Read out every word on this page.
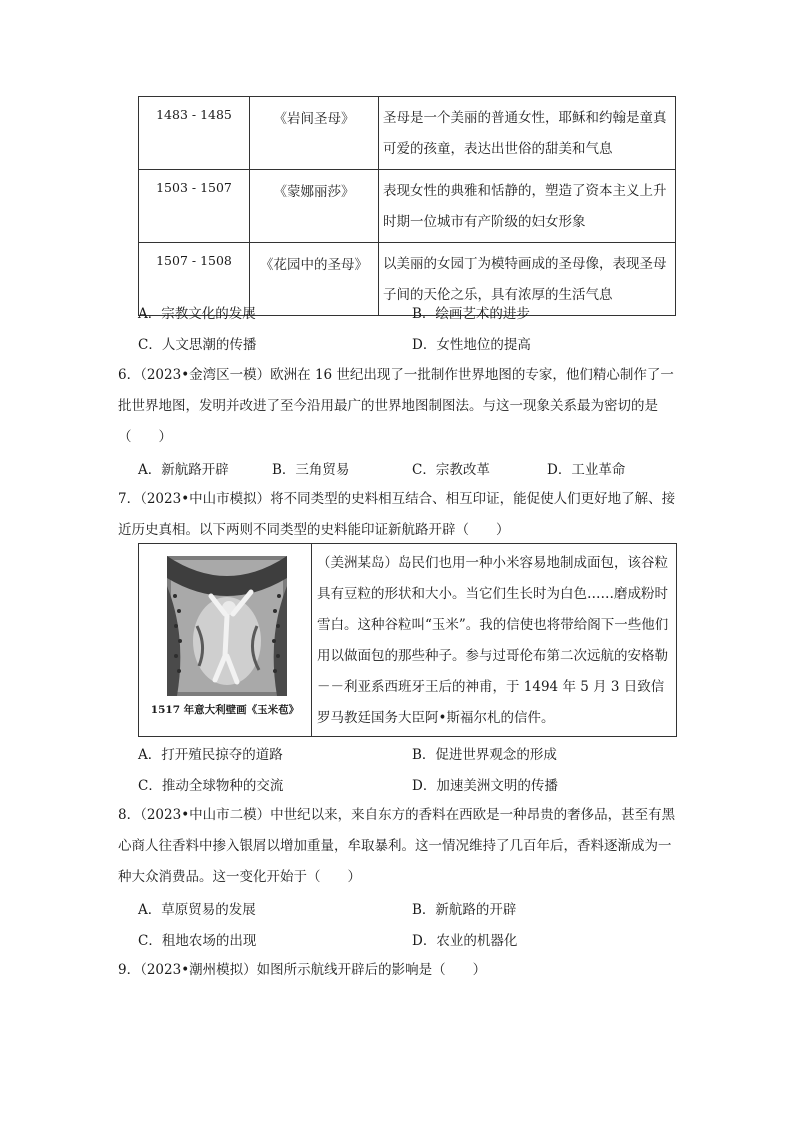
1483 - 1485	《岩间圣母》	圣母是一个美丽的普通女性，耶稣和约翰是童真可爱的孩童，表达出世俗的甜美和气息
1503 - 1507	《蒙娜丽莎》	表现女性的典雅和恬静的，塑造了资本主义上升时期一位城市有产阶级的妇女形象
1507 - 1508	《花园中的圣母》	以美丽的女园丁为模特画成的圣母像，表现圣母子间的天伦之乐，具有浓厚的生活气息
A．宗教文化的发展	B．绘画艺术的进步
C．人文思潮的传播	D．女性地位的提高
6．（2023•金湾区一模）欧洲在 16 世纪出现了一批制作世界地图的专家，他们精心制作了一批世界地图，发明并改进了至今沿用最广的世界地图制图法。与这一现象关系最为密切的是（　　）
A．新航路开辟	B．三角贸易	C．宗教改革	D．工业革命
7．（2023•中山市模拟）将不同类型的史料相互结合、相互印证，能促使人们更好地了解、接近历史真相。以下两则不同类型的史料能印证新航路开辟（　　）
1517 年意大利壁画《玉米苞》
（美洲某岛）岛民们也用一种小米容易地制成面包，该谷粒具有豆粒的形状和大小。当它们生长时为白色……磨成粉时雪白。这种谷粒叫“玉米”。我的信使也将带给阁下一些他们用以做面包的那些种子。参与过哥伦布第二次远航的安格勒－－利亚系西班牙王后的神甫，于 1494 年 5 月 3 日致信罗马教廷国务大臣阿•斯福尔札的信件。
A．打开殖民掠夺的道路	B．促进世界观念的形成
C．推动全球物种的交流	D．加速美洲文明的传播
8．（2023•中山市二模）中世纪以来，来自东方的香料在西欧是一种昂贵的奢侈品，甚至有黑心商人往香料中掺入银屑以增加重量，牟取暴利。这一情况维持了几百年后，香料逐渐成为一种大众消费品。这一变化开始于（　　）
A．草原贸易的发展	B．新航路的开辟
C．租地农场的出现	D．农业的机器化
9．（2023•潮州模拟）如图所示航线开辟后的影响是（　　）
